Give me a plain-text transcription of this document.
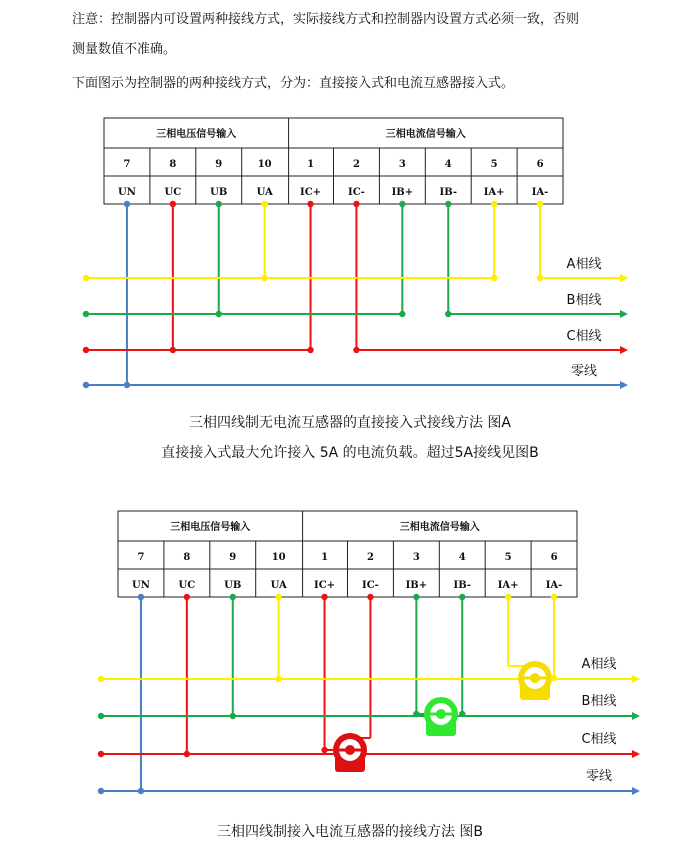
注意：控制器内可设置两种接线方式，实际接线方式和控制器内设置方式必须一致，否则
测量数值不准确。
下面图示为控制器的两种接线方式，分为：直接接入式和电流互感器接入式。
三相电压信号输入	三相电流信号输入
7
UN
8
UC
9
UB
10
UA
1
IC+
2
IC-
3
IB+
4
IB-
5
IA+
6
IA-
A相线
B相线
C相线
零线
三相电压信号输入	三相电流信号输入
7
UN
8
UC
9
UB
10
UA
1
IC+
2
IC-
3
IB+
4
IB-
5
IA+
6
IA-
A相线
B相线
C相线
零线
三相四线制无电流互感器的直接接入式接线方法 图A
直接接入式最大允许接入 5A 的电流负载。超过5A接线见图B
三相四线制接入电流互感器的接线方法 图B
